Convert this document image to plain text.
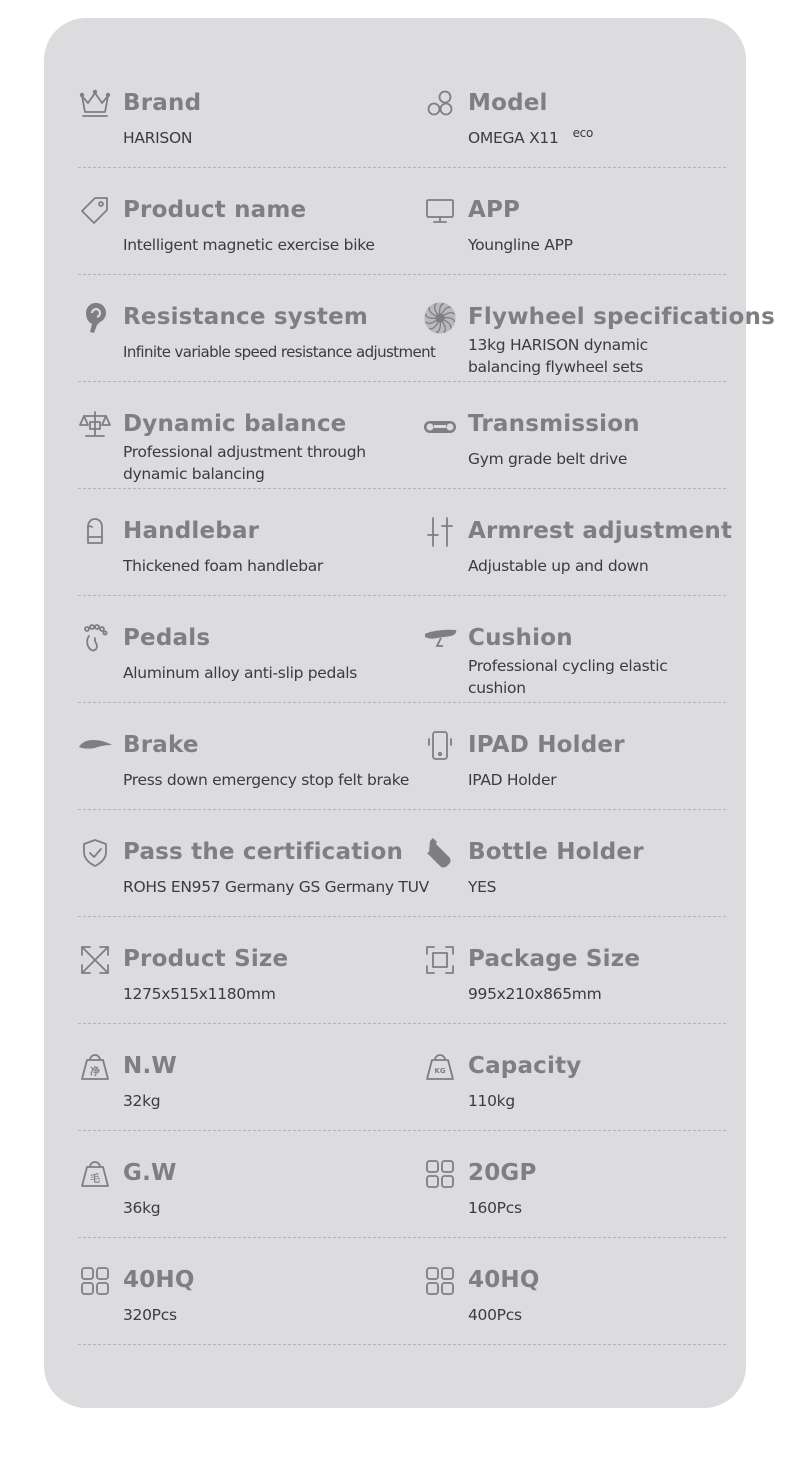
Brand
HARISON
Model
OMEGA X11 $^{eco}$
Product name
Intelligent magnetic exercise bike
APP
Youngline APP
Resistance system
Infinite variable speed resistance adjustment
Flywheel specifications
13kg HARISON dynamic balancing flywheel sets
Dynamic balance
Professional adjustment through dynamic balancing
Transmission
Gym grade belt drive
Handlebar
Thickened foam handlebar
Armrest adjustment
Adjustable up and down
Pedals
Aluminum alloy anti-slip pedals
Cushion
Professional cycling elastic cushion
Brake
Press down emergency stop felt brake
IPAD Holder
IPAD Holder
Pass the certification
ROHS EN957 Germany GS Germany TUV
Bottle Holder
YES
Product Size
1275x515x1180mm
Package Size
995x210x865mm
净 N.W
32kg
KG Capacity
110kg
毛 G.W
36kg
20GP
160Pcs
40HQ
320Pcs
40HQ
400Pcs
